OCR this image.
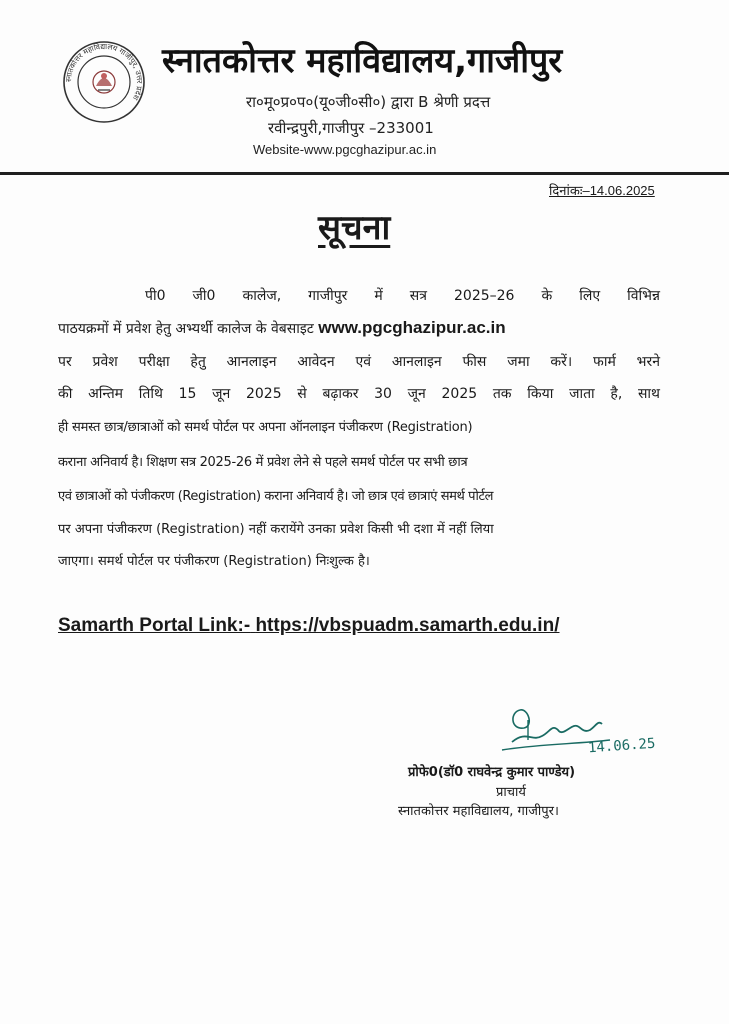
स्नातकोत्तर महाविद्यालय गाजीपुर, उत्तर प्रदेश
स्नातकोत्तर महाविद्यालय,गाजीपुर
रा०मू०प्र०प०(यू०जी०सी०) द्वारा B श्रेणी प्रदत्त
रवीन्द्रपुरी,गाजीपुर –233001
Website-www.pgcghazipur.ac.in
दिनांकः–14.06.2025
सूचना
पी0 जी0 कालेज, गाजीपुर में सत्र 2025–26 के लिए विभिन्न
पाठयक्रमों में प्रवेश हेतु अभ्यर्थी कालेज के वेबसाइट www.pgcghazipur.ac.in
पर प्रवेश परीक्षा हेतु आनलाइन आवेदन एवं आनलाइन फीस जमा करें। फार्म भरने
की अन्तिम तिथि 15 जून 2025 से बढ़ाकर 30 जून 2025 तक किया जाता है, साथ
ही समस्त छात्र/छात्राओं को समर्थ पोर्टल पर अपना ऑनलाइन पंजीकरण (Registration)
कराना अनिवार्य है। शिक्षण सत्र 2025-26 में प्रवेश लेने से पहले समर्थ पोर्टल पर सभी छात्र
एवं छात्राओं को पंजीकरण (Registration) कराना अनिवार्य है। जो छात्र एवं छात्राएं समर्थ पोर्टल
पर अपना पंजीकरण (Registration) नहीं करायेंगे उनका प्रवेश किसी भी दशा में नहीं लिया
जाएगा। समर्थ पोर्टल पर पंजीकरण (Registration) निःशुल्क है।
Samarth Portal Link:- https://vbspuadm.samarth.edu.in/
14.06.25
प्रोफे0(डॉ0 राघवेन्द्र कुमार पाण्डेय)
प्राचार्य
स्नातकोत्तर महाविद्यालय, गाजीपुर।
